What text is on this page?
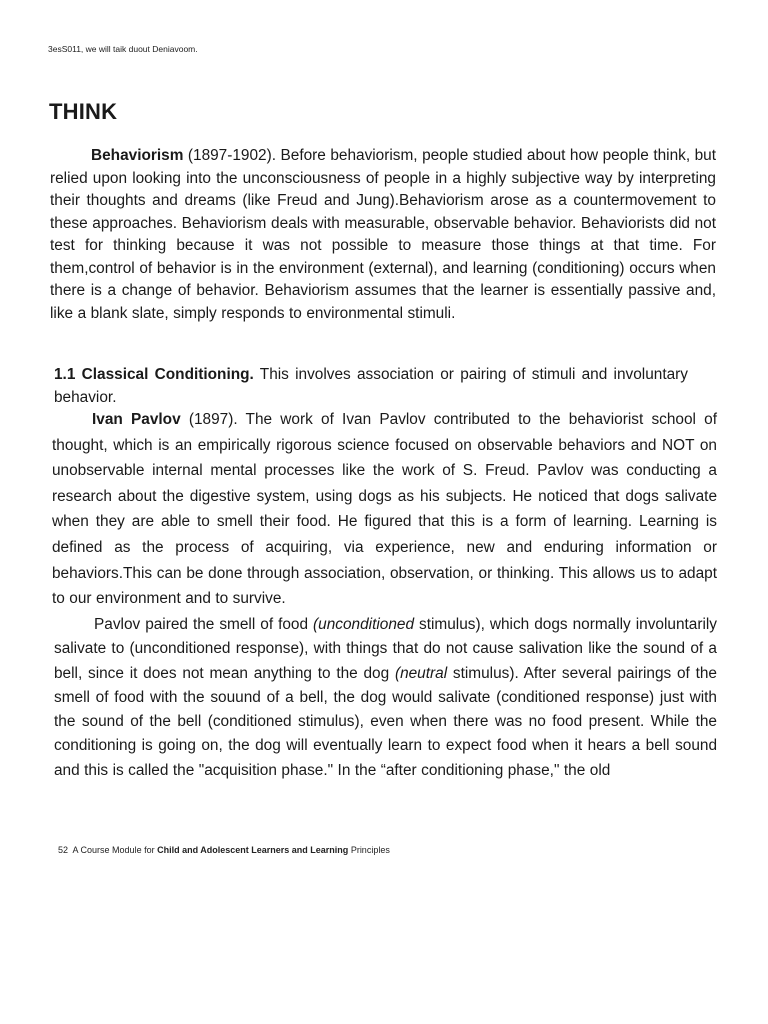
3esS011, we will taik duout Deniavoom.
THINK

Behaviorism (1897-1902). Before behaviorism, people studied about how people think, but relied upon looking into the unconsciousness of people in a highly subjective way by interpreting their thoughts and dreams (like Freud and Jung).Behaviorism arose as a countermovement to these approaches. Behaviorism deals with measurable, observable behavior. Behaviorists did not test for thinking because it was not possible to measure those things at that time. For them,control of behavior is in the environment (external), and learning (conditioning) occurs when there is a change of behavior. Behaviorism assumes that the learner is essentially passive and, like a blank slate, simply responds to environmental stimuli.

1.1 Classical Conditioning. This involves association or pairing of stimuli and involuntary behavior.

Ivan Pavlov (1897). The work of Ivan Pavlov contributed to the behaviorist school of thought, which is an empirically rigorous science focused on observable behaviors and NOT on unobservable internal mental processes like the work of S. Freud. Pavlov was conducting a research about the digestive system, using dogs as his subjects. He noticed that dogs salivate when they are able to smell their food. He figured that this is a form of learning. Learning is defined as the process of acquiring, via experience, new and enduring information or behaviors.This can be done through association, observation, or thinking. This allows us to adapt to our environment and to survive.

Pavlov paired the smell of food (unconditioned stimulus), which dogs normally involuntarily salivate to (unconditioned response), with things that do not cause salivation like the sound of a bell, since it does not mean anything to the dog (neutral stimulus). After several pairings of the smell of food with the souund of a bell, the dog would salivate (conditioned response) just with the sound of the bell (conditioned stimulus), even when there was no food present. While the conditioning is going on, the dog will eventually learn to expect food when it hears a bell sound and this is called the "acquisition phase." In the “after conditioning phase," the old

52 A Course Module for Child and Adolescent Learners and Learning Principles
